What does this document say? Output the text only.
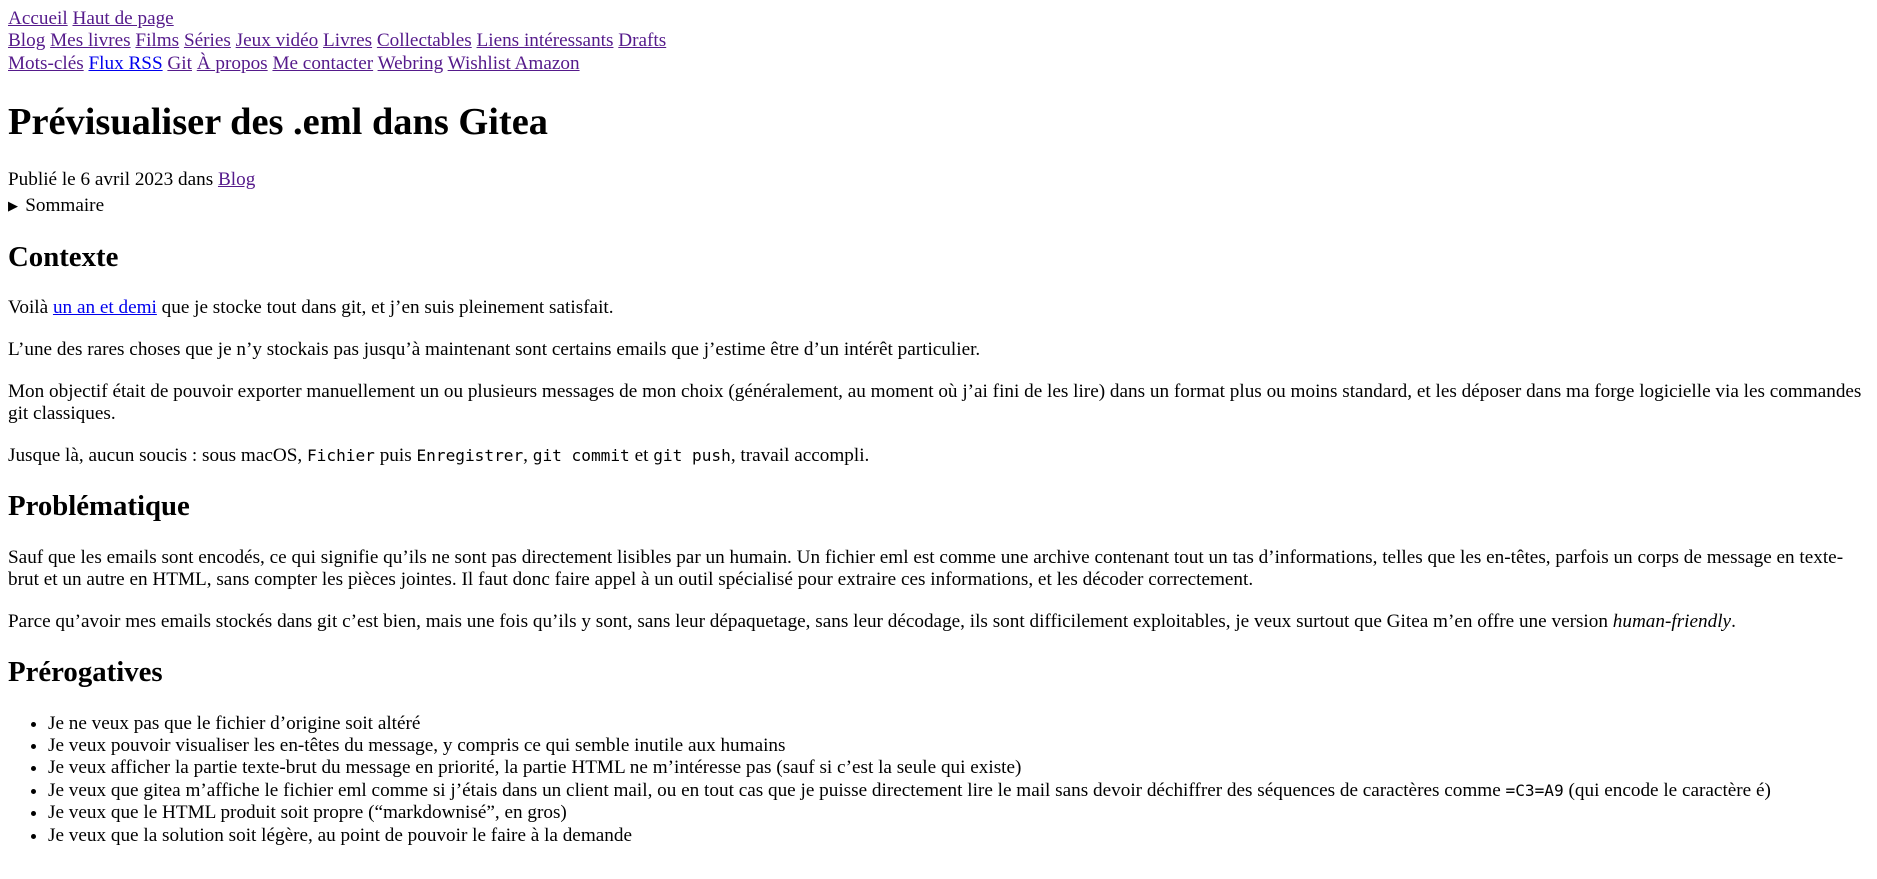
Accueil Haut de page
Blog Mes livres Films Séries Jeux vidéo Livres Collectables Liens intéressants Drafts
Mots-clés Flux RSS Git À propos Me contacter Webring Wishlist Amazon
Prévisualiser des .eml dans Gitea

Publié le 6 avril 2023 dans Blog

▶ Sommaire
Contexte

Voilà un an et demi que je stocke tout dans git, et j’en suis pleinement satisfait.

L’une des rares choses que je n’y stockais pas jusqu’à maintenant sont certains emails que j’estime être d’un intérêt particulier.

Mon objectif était de pouvoir exporter manuellement un ou plusieurs messages de mon choix (généralement, au moment où j’ai fini de les lire) dans un format plus ou moins standard, et les déposer dans ma forge logicielle via les commandes git classiques.

Jusque là, aucun soucis : sous macOS, Fichier puis Enregistrer, git commit et git push, travail accompli.

Problématique

Sauf que les emails sont encodés, ce qui signifie qu’ils ne sont pas directement lisibles par un humain. Un fichier eml est comme une archive contenant tout un tas d’informations, telles que les en-têtes, parfois un corps de message en texte-brut et un autre en HTML, sans compter les pièces jointes. Il faut donc faire appel à un outil spécialisé pour extraire ces informations, et les décoder correctement.

Parce qu’avoir mes emails stockés dans git c’est bien, mais une fois qu’ils y sont, sans leur dépaquetage, sans leur décodage, ils sont difficilement exploitables, je veux surtout que Gitea m’en offre une version human-friendly.

Prérogatives
• Je ne veux pas que le fichier d’origine soit altéré
• Je veux pouvoir visualiser les en-têtes du message, y compris ce qui semble inutile aux humains
• Je veux afficher la partie texte-brut du message en priorité, la partie HTML ne m’intéresse pas (sauf si c’est la seule qui existe)
• Je veux que gitea m’affiche le fichier eml comme si j’étais dans un client mail, ou en tout cas que je puisse directement lire le mail sans devoir déchiffrer des séquences de caractères comme =C3=A9 (qui encode le caractère é)
• Je veux que le HTML produit soit propre (“markdownisé”, en gros)
• Je veux que la solution soit légère, au point de pouvoir le faire à la demande
